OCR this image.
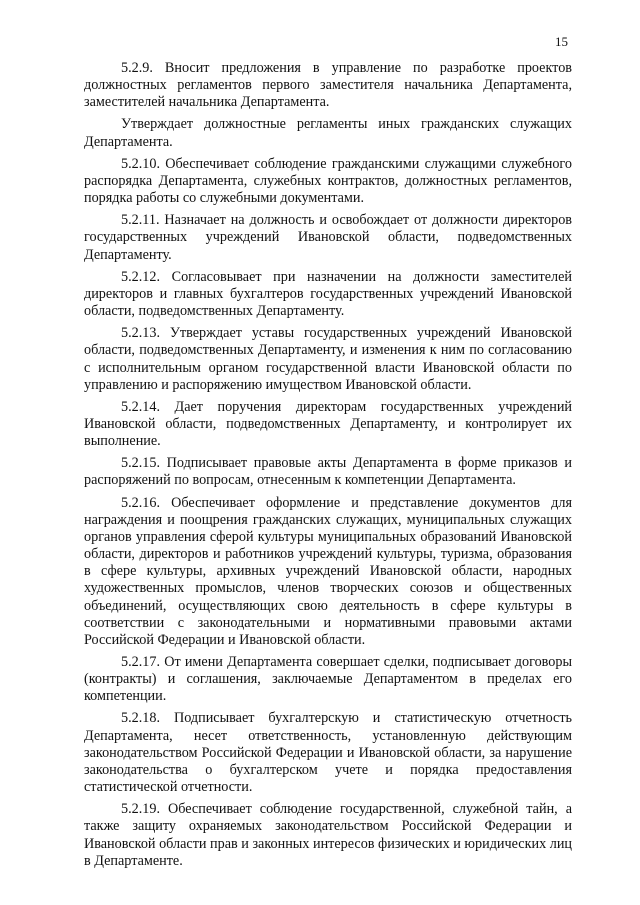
15

5.2.9. Вносит предложения в управление по разработке проектов должностных регламентов первого заместителя начальника Департамента, заместителей начальника Департамента.

Утверждает должностные регламенты иных гражданских служащих Департамента.

5.2.10. Обеспечивает соблюдение гражданскими служащими служебного распорядка Департамента, служебных контрактов, должностных регламентов, порядка работы со служебными документами.

5.2.11. Назначает на должность и освобождает от должности директоров государственных учреждений Ивановской области, подведомственных Департаменту.

5.2.12. Согласовывает при назначении на должности заместителей директоров и главных бухгалтеров государственных учреждений Ивановской области, подведомственных Департаменту.

5.2.13. Утверждает уставы государственных учреждений Ивановской области, подведомственных Департаменту, и изменения к ним по согласованию с исполнительным органом государственной власти Ивановской области по управлению и распоряжению имуществом Ивановской области.

5.2.14. Дает поручения директорам государственных учреждений Ивановской области, подведомственных Департаменту, и контролирует их выполнение.

5.2.15. Подписывает правовые акты Департамента в форме приказов и распоряжений по вопросам, отнесенным к компетенции Департамента.

5.2.16. Обеспечивает оформление и представление документов для награждения и поощрения гражданских служащих, муниципальных служащих органов управления сферой культуры муниципальных образований Ивановской области, директоров и работников учреждений культуры, туризма, образования в сфере культуры, архивных учреждений Ивановской области, народных художественных промыслов, членов творческих союзов и общественных объединений, осуществляющих свою деятельность в сфере культуры в соответствии с законодательными и нормативными правовыми актами Российской Федерации и Ивановской области.

5.2.17. От имени Департамента совершает сделки, подписывает договоры (контракты) и соглашения, заключаемые Департаментом в пределах его компетенции.

5.2.18. Подписывает бухгалтерскую и статистическую отчетность Департамента, несет ответственность, установленную действующим законодательством Российской Федерации и Ивановской области, за нарушение законодательства о бухгалтерском учете и порядка предоставления статистической отчетности.

5.2.19. Обеспечивает соблюдение государственной, служебной тайн, а также защиту охраняемых законодательством Российской Федерации и Ивановской области прав и законных интересов физических и юридических лиц в Департаменте.
